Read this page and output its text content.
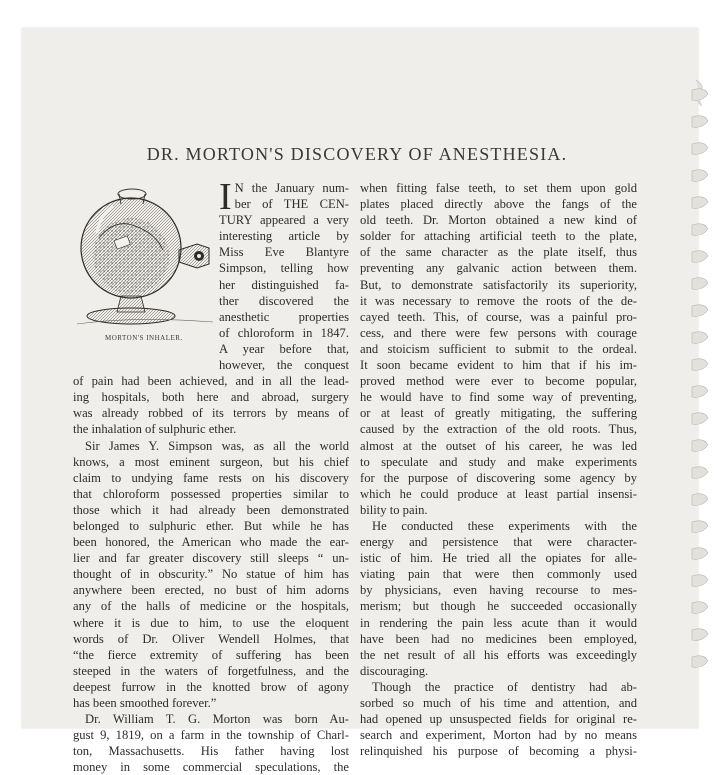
DR. MORTON'S DISCOVERY OF ANESTHESIA.
MORTON'S INHALER.
I N the January num-
ber of THE CEN-
TURY appeared a very
interesting article by
Miss Eve Blantyre
Simpson, telling how
her distinguished fa-
ther discovered the
anesthetic properties
of chloroform in 1847.
A year before that,
however, the conquest
of pain had been achieved, and in all the lead-
ing hospitals, both here and abroad, surgery
was already robbed of its terrors by means of
the inhalation of sulphuric ether.
Sir James Y. Simpson was, as all the world
knows, a most eminent surgeon, but his chief
claim to undying fame rests on his discovery
that chloroform possessed properties similar to
those which it had already been demonstrated
belonged to sulphuric ether. But while he has
been honored, the American who made the ear-
lier and far greater discovery still sleeps “ un-
thought of in obscurity.” No statue of him has
anywhere been erected, no bust of him adorns
any of the halls of medicine or the hospitals,
where it is due to him, to use the eloquent
words of Dr. Oliver Wendell Holmes, that
“the fierce extremity of suffering has been
steeped in the waters of forgetfulness, and the
deepest furrow in the knotted brow of agony
has been smoothed forever.”
Dr. William T. G. Morton was born Au-
gust 9, 1819, on a farm in the township of Charl-
ton, Massachusetts. His father having lost
money in some commercial speculations, the
when fitting false teeth, to set them upon gold
plates placed directly above the fangs of the
old teeth. Dr. Morton obtained a new kind of
solder for attaching artificial teeth to the plate,
of the same character as the plate itself, thus
preventing any galvanic action between them.
But, to demonstrate satisfactorily its superiority,
it was necessary to remove the roots of the de-
cayed teeth. This, of course, was a painful pro-
cess, and there were few persons with courage
and stoicism sufficient to submit to the ordeal.
It soon became evident to him that if his im-
proved method were ever to become popular,
he would have to find some way of preventing,
or at least of greatly mitigating, the suffering
caused by the extraction of the old roots. Thus,
almost at the outset of his career, he was led
to speculate and study and make experiments
for the purpose of discovering some agency by
which he could produce at least partial insensi-
bility to pain.
He conducted these experiments with the
energy and persistence that were character-
istic of him. He tried all the opiates for alle-
viating pain that were then commonly used
by physicians, even having recourse to mes-
merism; but though he succeeded occasionally
in rendering the pain less acute than it would
have been had no medicines been employed,
the net result of all his efforts was exceedingly
discouraging.
Though the practice of dentistry had ab-
sorbed so much of his time and attention, and
had opened up unsuspected fields for original re-
search and experiment, Morton had by no means
relinquished his purpose of becoming a physi-
